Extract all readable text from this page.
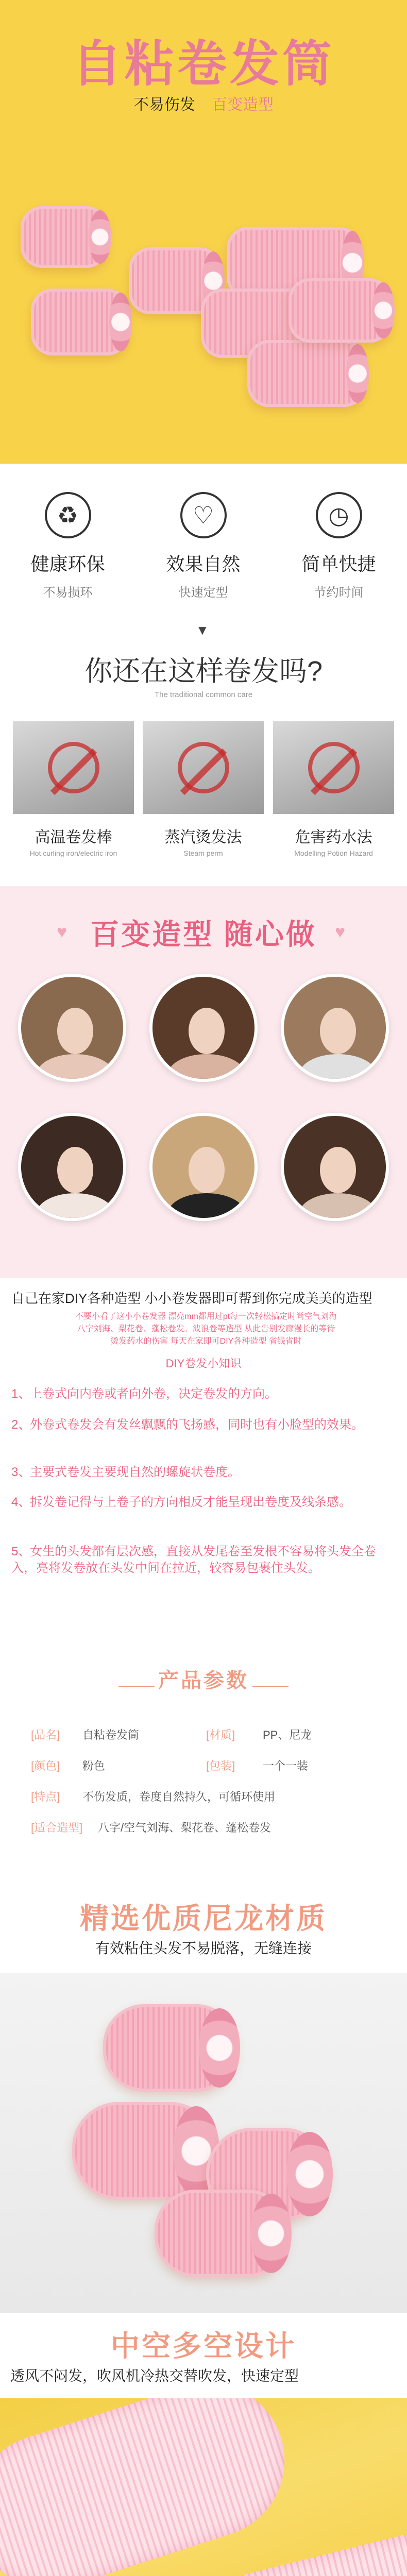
自粘卷发筒
不易伤发 百变造型
♻
健康环保
不易损环
♡
效果自然
快速定型
◷
简单快捷
节约时间
▼
你还在这样卷发吗?
The traditional common care
高温卷发棒
Hot curling iron/electric iron
蒸汽烫发法
Steam perm
危害药水法
Modelling Potion Hazard
♥ 百变造型 随心做	♥
自己在家DIY各种造型 小小卷发器即可帮到你完成美美的造型
不要小看了这小小卷发器 漂亮mm都用过pt每一次轻松搞定时尚空气刘海
八字刘海、梨花卷、蓬松卷发。波浪卷等造型 从此告别发廊漫长的等待
烫发药水的伤害 每天在家即可DIY各种造型 省钱省时
DIY卷发小知识
1、上卷式向内卷或者向外卷，决定卷发的方向。
2、外卷式卷发会有发丝飘飘的飞扬感，同时也有小脸型的效果。
3、主要式卷发主要现自然的螺旋状卷度。
4、拆发卷记得与上卷子的方向相反才能呈现出卷度及线条感。
5、女生的头发都有层次感，直接从发尾卷至发根不容易将头发全卷入，亮将发卷放在头发中间在拉近，较容易包裹住头发。
产品参数
[品名] 自粘卷发筒	[材质]	PP、尼龙
[颜色] 粉色	[包装]	一个一装
[特点] 不伤发质，卷度自然持久，可循环使用
[适合造型] 八字/空气刘海、梨花卷、蓬松卷发
精选优质尼龙材质
有效粘住头发不易脱落，无缝连接
中空多空设计
透风不闷发，吹风机冷热交替吹发，快速定型
